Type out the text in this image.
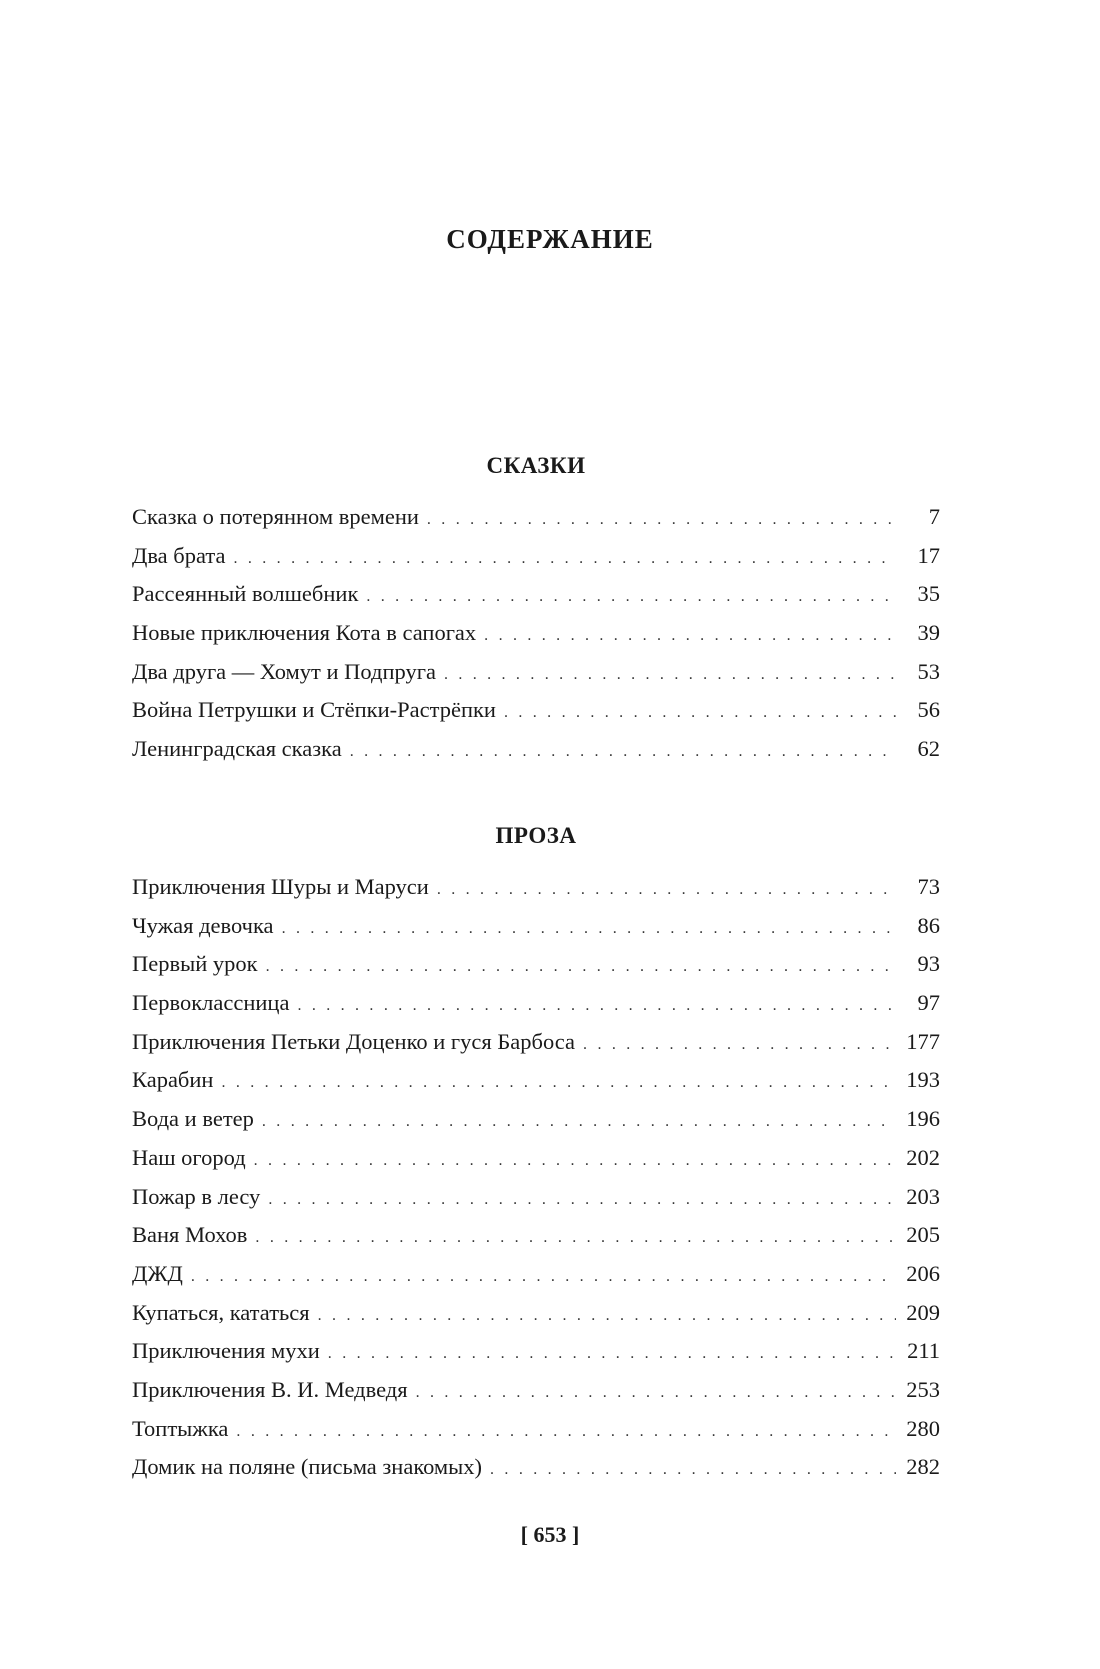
СОДЕРЖАНИЕ
СКАЗКИ
Сказка о потерянном времени . . .	7
Два брата . . .	17
Рассеянный волшебник . . .	35
Новые приключения Кота в сапогах . . .	39
Два друга — Хомут и Подпруга . . .	53
Война Петрушки и Стёпки-Растрёпки . . .	56
Ленинградская сказка . . .	62
ПРОЗА
Приключения Шуры и Маруси . . .	73
Чужая девочка . . .	86
Первый урок . . .	93
Первоклассница . . .	97
Приключения Петьки Доценко и гуся Барбоса . . .	177
Карабин . . .	193
Вода и ветер . . .	196
Наш огород . . .	202
Пожар в лесу . . .	203
Ваня Мохов . . .	205
ДЖД . . .	206
Купаться, кататься . . .	209
Приключения мухи . . .	211
Приключения В. И. Медведя . . .	253
Топтыжка . . .	280
Домик на поляне (письма знакомых) . . .	282
[ 653 ]
